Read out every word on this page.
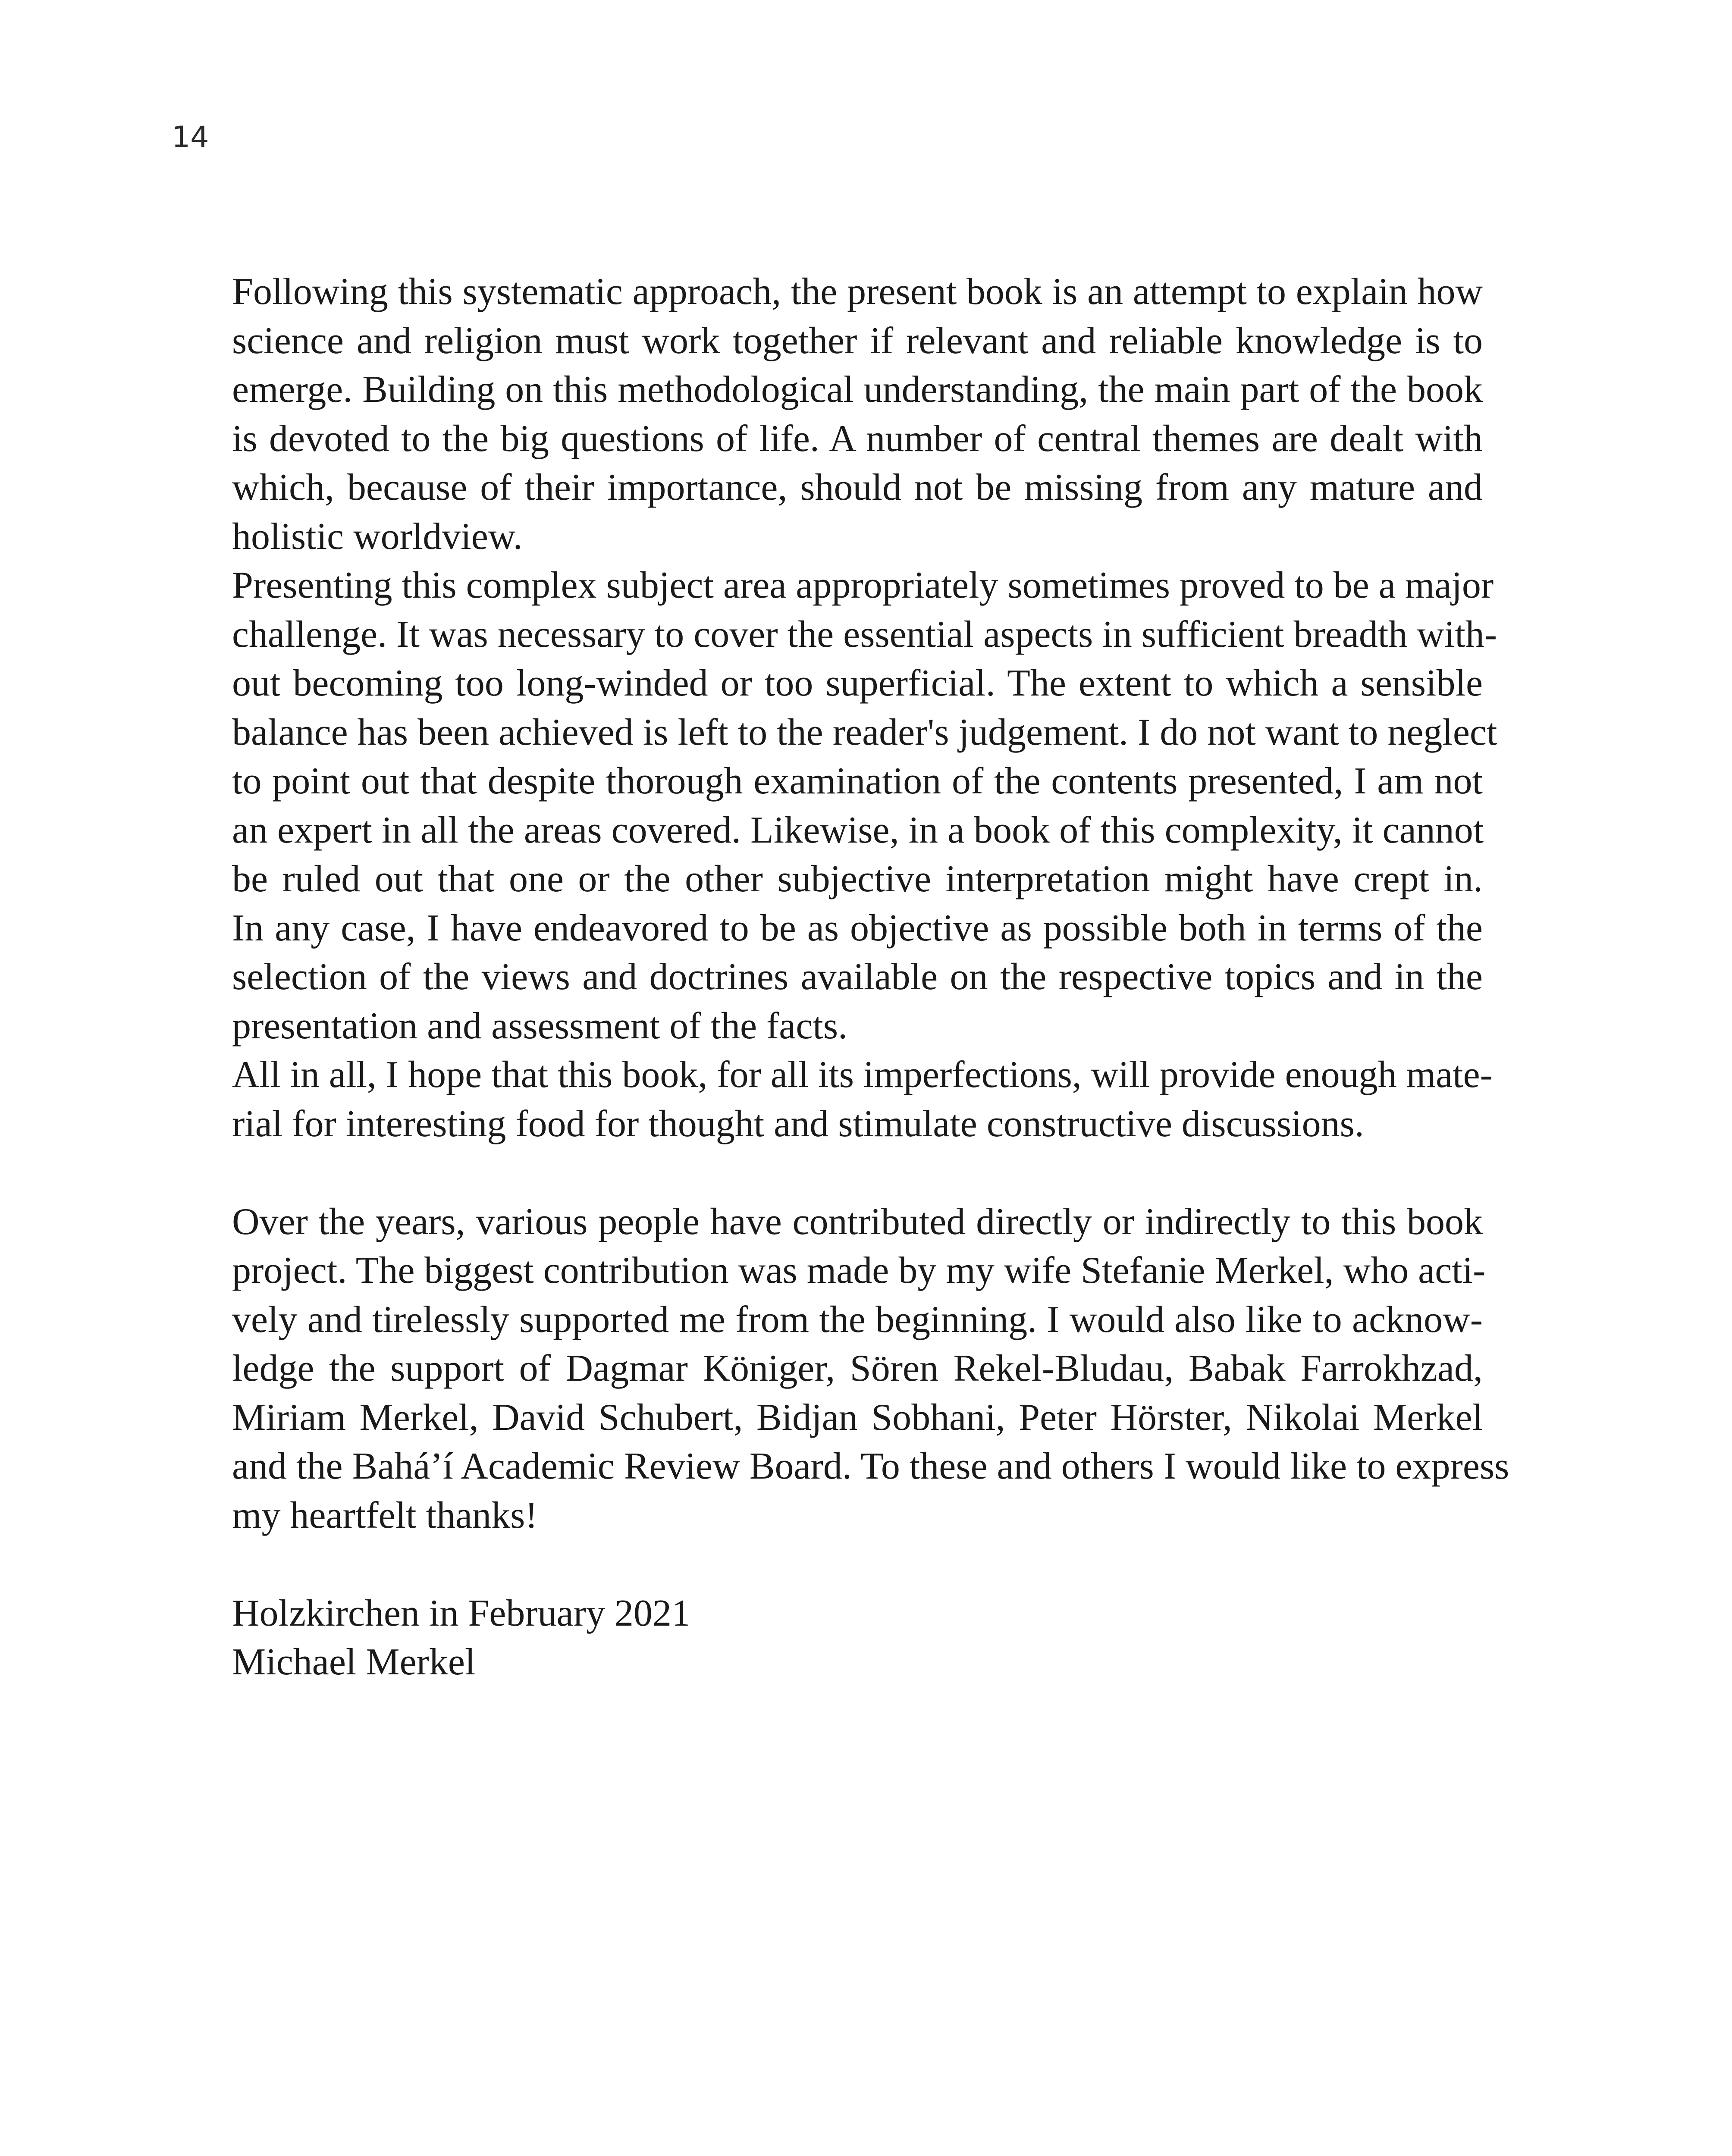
14
Following this systematic approach, the present book is an attempt to explain how
science and religion must work together if relevant and reliable knowledge is to
emerge. Building on this methodological understanding, the main part of the book
is devoted to the big questions of life. A number of central themes are dealt with
which, because of their importance, should not be missing from any mature and
holistic worldview.
Presenting this complex subject area appropriately sometimes proved to be a major
challenge. It was necessary to cover the essential aspects in sufficient breadth with-
out becoming too long-winded or too superficial. The extent to which a sensible
balance has been achieved is left to the reader's judgement. I do not want to neglect
to point out that despite thorough examination of the contents presented, I am not
an expert in all the areas covered. Likewise, in a book of this complexity, it cannot
be ruled out that one or the other subjective interpretation might have crept in.
In any case, I have endeavored to be as objective as possible both in terms of the
selection of the views and doctrines available on the respective topics and in the
presentation and assessment of the facts.
All in all, I hope that this book, for all its imperfections, will provide enough mate-
rial for interesting food for thought and stimulate constructive discussions.
Over the years, various people have contributed directly or indirectly to this book
project. The biggest contribution was made by my wife Stefanie Merkel, who acti-
vely and tirelessly supported me from the beginning. I would also like to acknow-
ledge the support of Dagmar Königer, Sören Rekel-Bludau, Babak Farrokhzad,
Miriam Merkel, David Schubert, Bidjan Sobhani, Peter Hörster, Nikolai Merkel
and the Bahá’í Academic Review Board. To these and others I would like to express
my heartfelt thanks!
Holzkirchen in February 2021
Michael Merkel
